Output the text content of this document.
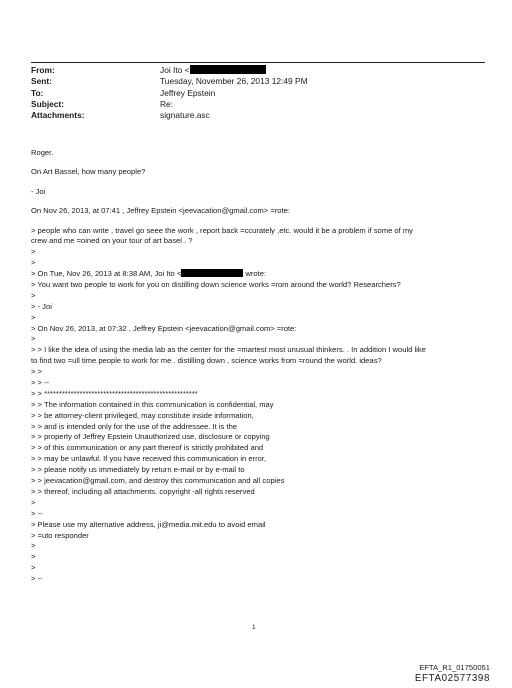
From:	Joi Ito <
Sent:	Tuesday, November 26, 2013 12:49 PM
To:	Jeffrey Epstein
Subject:	Re:
Attachments:	signature.asc
Roger.
On Art Bassel, how many people?
- Joi
On Nov 26, 2013, at 07:41 , Jeffrey Epstein <jeevacation@gmail.com> =rote:
> people who can write , travel go seee the work , report back =ccurately ,etc. would it be a problem if some of my
crew and me =oined on your tour of art basel . ?
>
>
> On Tue, Nov 26, 2013 at 8:38 AM, Joi Ito <	wrote:
> You want two people to work for you on distilling down science works =rom around the world? Researchers?
>
> - Joi
>
> On Nov 26, 2013, at 07:32 , Jeffrey Epstein <jeevacation@gmail.com> =rote:
>
> > I like the idea of using the media lab as the center for the =martest most unusual thinkers. . In addition I would like
to find two =ull time people to work for me . distilling down , science works from =round the world. ideas?
> >
> > --
> > ****************************************************
> > The information contained in this communication is confidential, may
> > be attorney-client privileged, may constitute inside information,
> > and is intended only for the use of the addressee. It is the
> > property of Jeffrey Epstein Unauthorized use, disclosure or copying
> > of this communication or any part thereof is strictly prohibited and
> > may be unlawful. If you have received this communication in error,
> > please notify us immediately by return e-mail or by e-mail to
> > jeevacation@gmail.com, and destroy this communication and all copies
> > thereof, including all attachments. copyright -all rights reserved
>
> --
> Please use my alternative address, ji@media.mit.edu to avoid email
> =uto responder
>
>
>
> --
1
EFTA_R1_01750051
EFTA02577398
